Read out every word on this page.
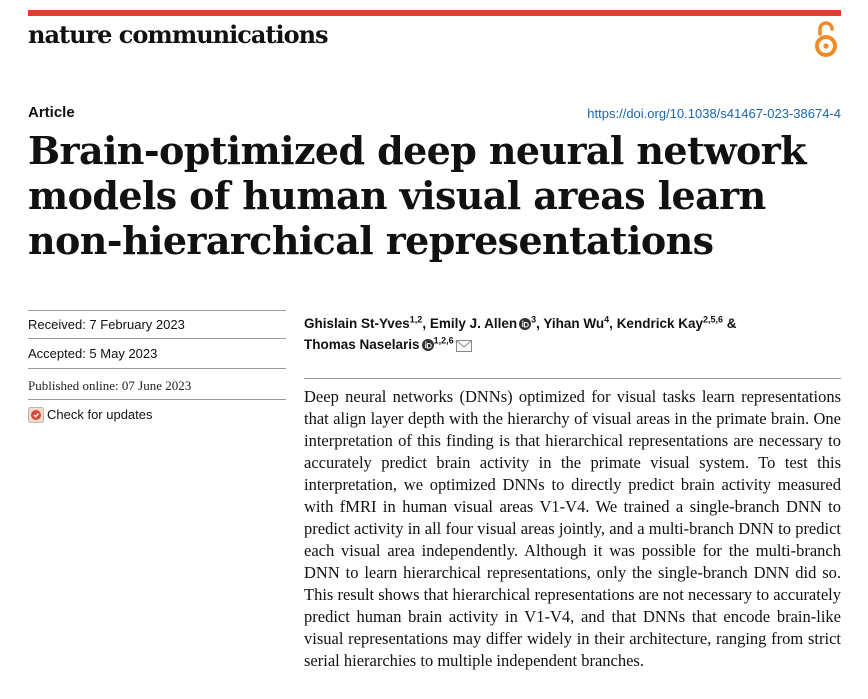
nature communications
Article	https://doi.org/10.1038/s41467-023-38674-4
Brain-optimized deep neural network
models of human visual areas learn
non-hierarchical representations
Received: 7 February 2023
Accepted: 5 May 2023
Published online: 07 June 2023
Check for updates
Ghislain St-Yves$^{1,2}$, Emily J. Allen $^3$, Yihan Wu$^4$, Kendrick Kay$^{2,5,6}$ &
Thomas Naselaris $^{1,2,6}$
Deep neural networks (DNNs) optimized for visual tasks learn representations that align layer depth with the hierarchy of visual areas in the primate brain. One interpretation of this finding is that hierarchical representations are necessary to accurately predict brain activity in the primate visual system. To test this interpretation, we optimized DNNs to directly predict brain activity measured with fMRI in human visual areas V1-V4. We trained a single-branch DNN to predict activity in all four visual areas jointly, and a multi-branch DNN to predict each visual area independently. Although it was possible for the multi-branch DNN to learn hierarchical representations, only the single-branch DNN did so. This result shows that hierarchical representations are not necessary to accurately predict human brain activity in V1-V4, and that DNNs that encode brain-like visual representations may differ widely in their architecture, ranging from strict serial hierarchies to multiple independent branches.
